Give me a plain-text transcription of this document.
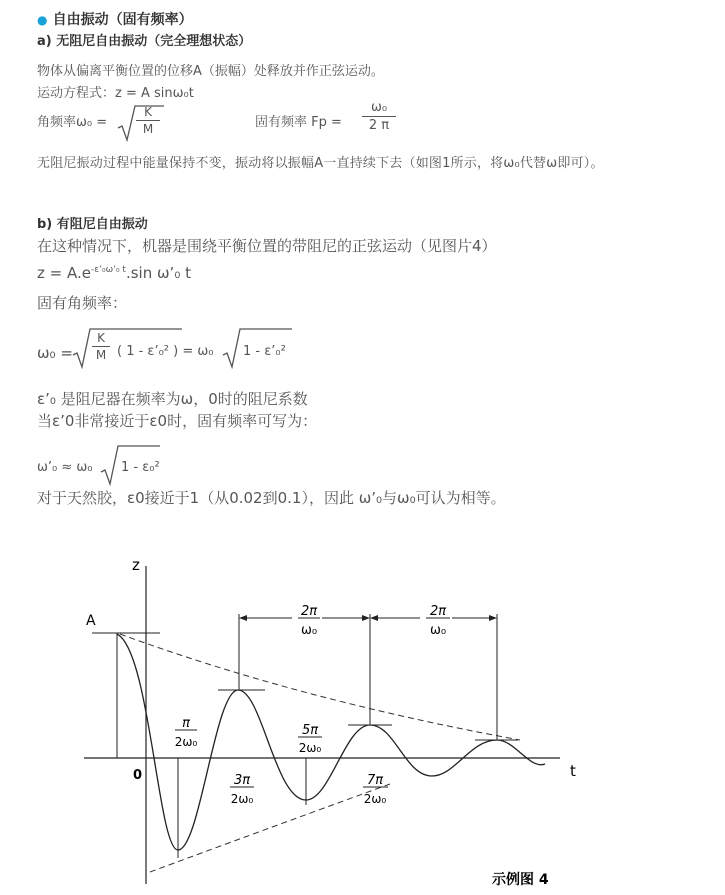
● 自由振动（固有频率）
a) 无阻尼自由振动（完全理想状态）
物体从偏离平衡位置的位移A（振幅）处释放并作正弦运动。
运动方程式：z = A sinω₀t
角频率ω₀ =
K
M	固有频率 Fp =
ω₀
2 π
无阻尼振动过程中能量保持不变，振动将以振幅A一直持续下去（如图1所示，将ω₀代替ω即可）。
b) 有阻尼自由振动
在这种情况下，机器是围绕平衡位置的带阻尼的正弦运动（见图片4）
$z = A.e^{-\varepsilon’_0\omega’_0 t}.\sin$ ω’₀ t
固有角频率：
ω₀ =
K
M ( 1 - ε’₀² ) = ω₀ 1 - ε’₀²
ε’₀ 是阻尼器在频率为ω，0时的阻尼系数
当ε’0非常接近于ε0时，固有频率可写为：
ω’₀ ≈ ω₀ 1 - ε₀²
对于天然胶，ε0接近于1（从0.02到0.1），因此 ω’₀与ω₀可认为相等。
z
t
A
0
2π
ω₀
2π
ω₀
π
2ω₀
5π
2ω₀
3π
2ω₀
7π
2ω₀
示例图 4
